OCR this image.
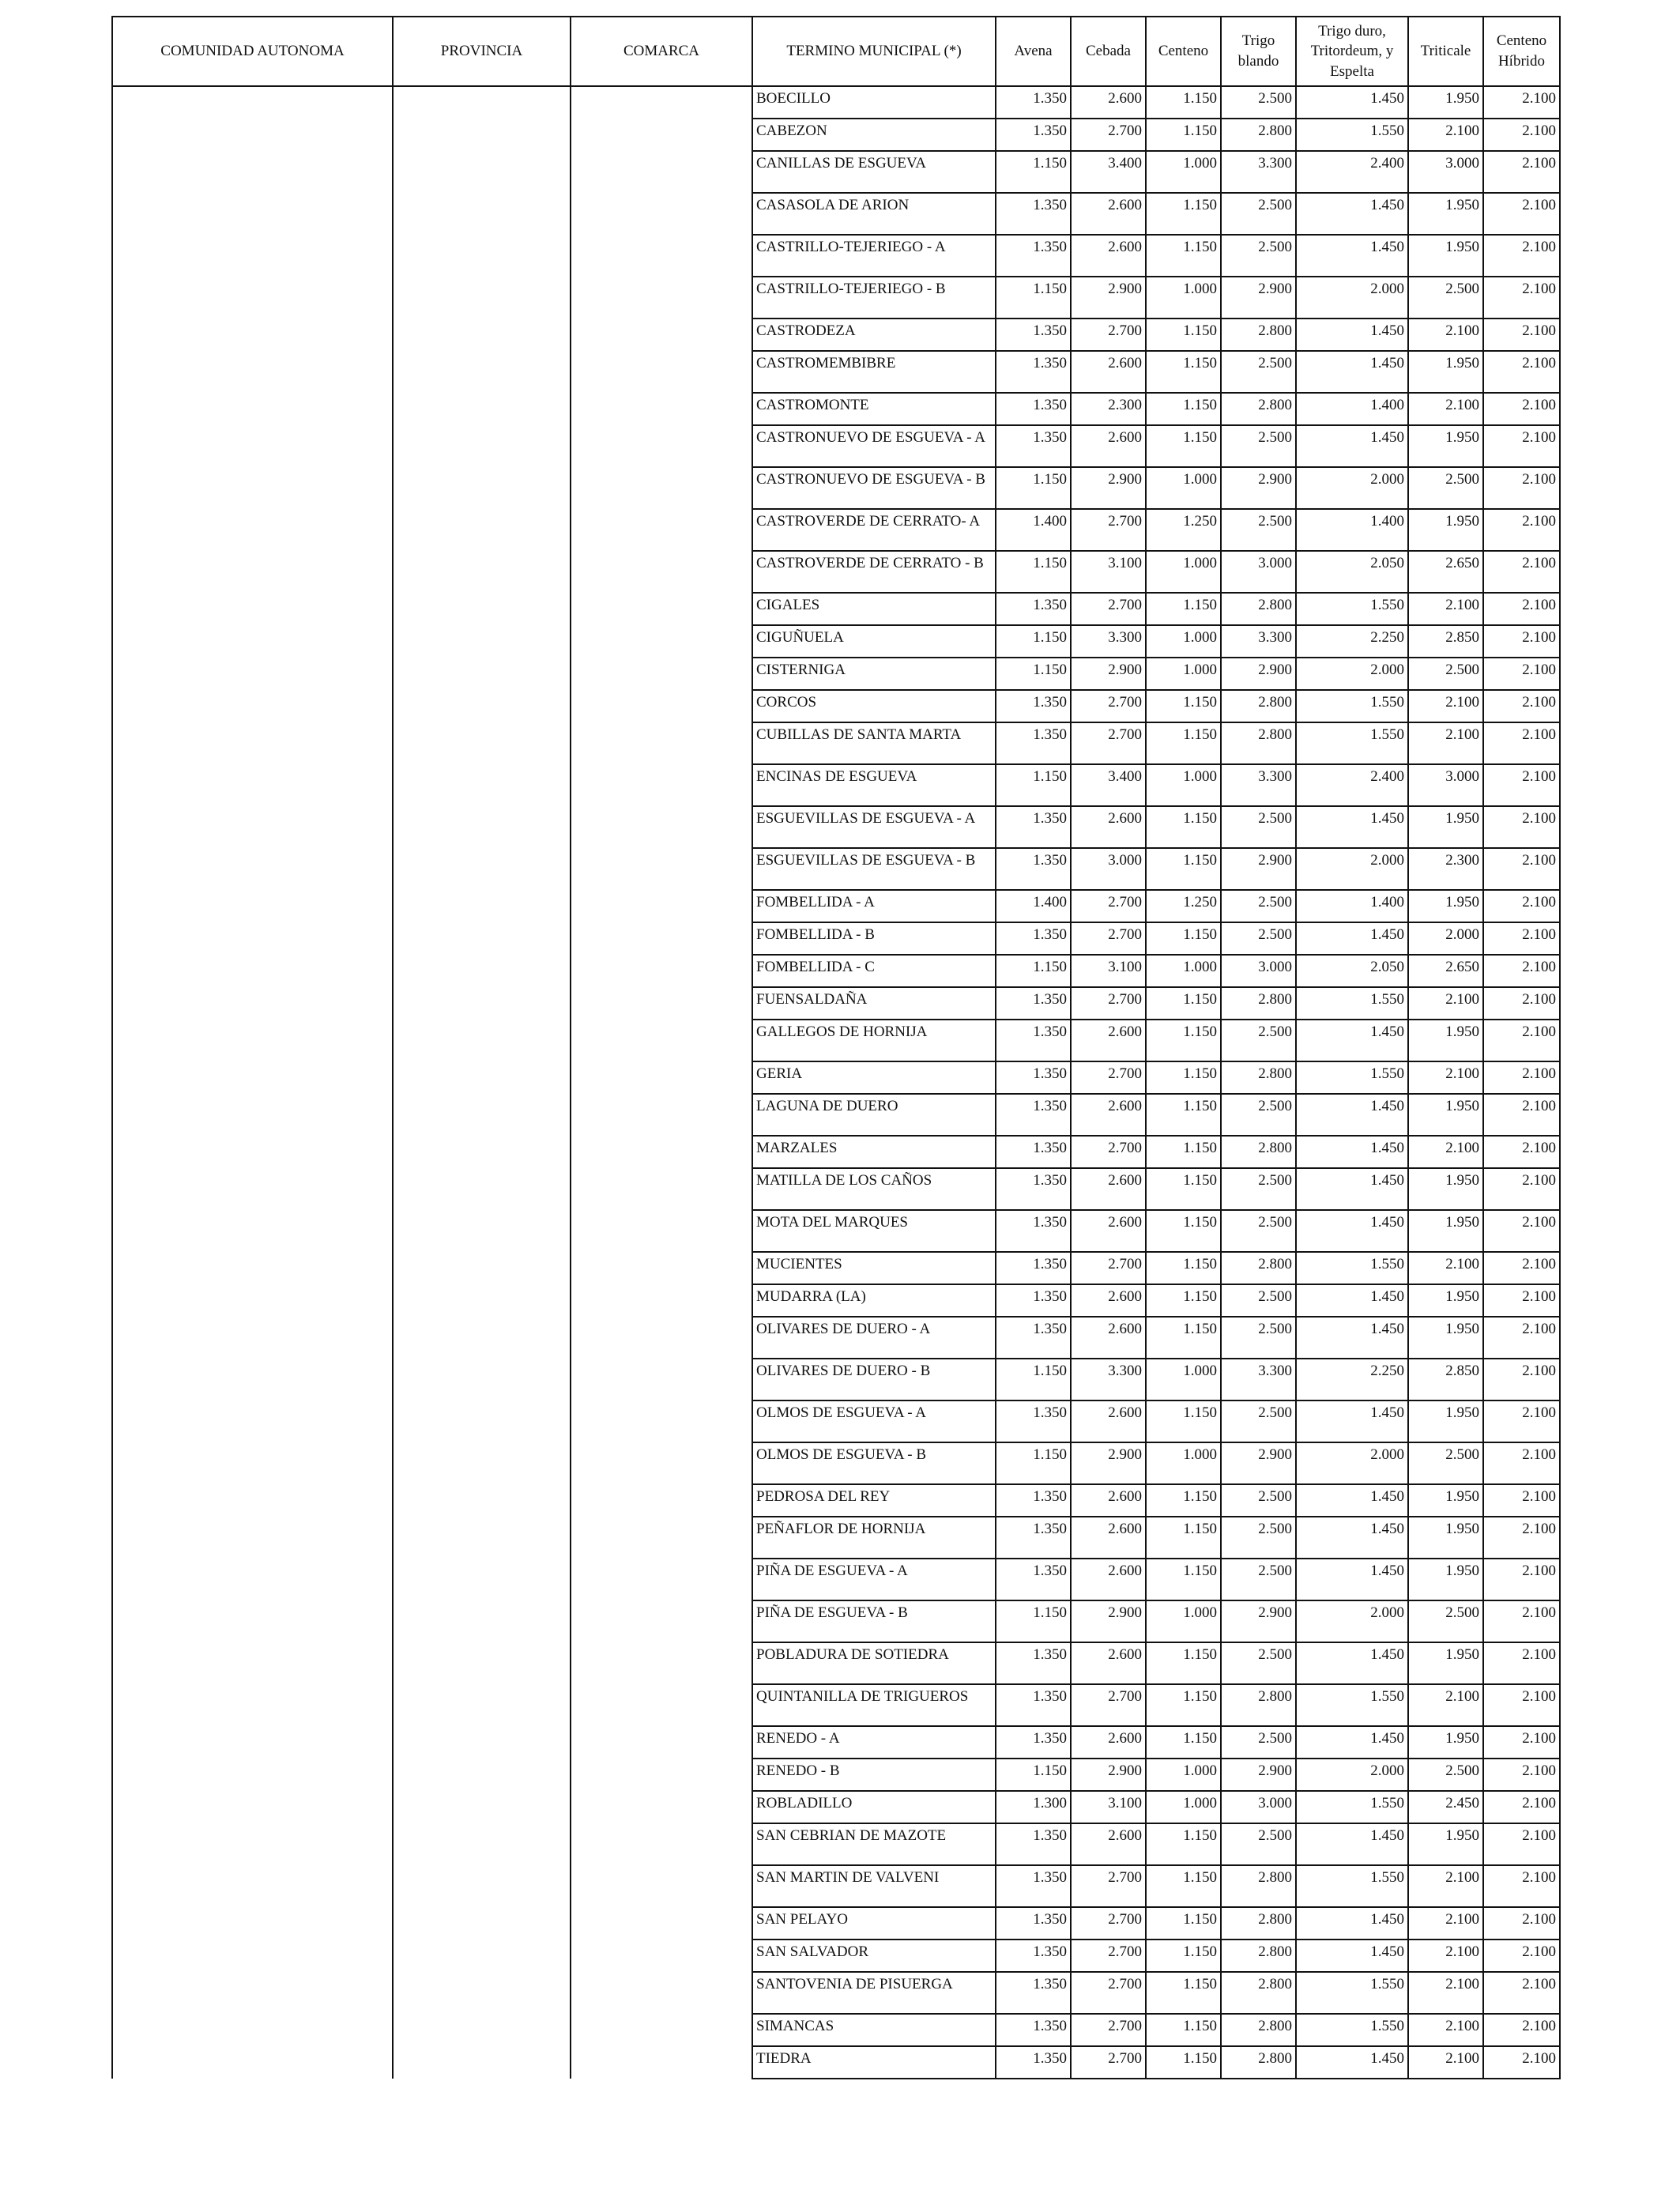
COMUNIDAD AUTONOMA	PROVINCIA	COMARCA	TERMINO MUNICIPAL (*)	Avena	Cebada	Centeno	Trigo blando	Trigo duro, Tritordeum, y Espelta	Triticale	Centeno Híbrido
			BOECILLO	1.350	2.600	1.150	2.500	1.450	1.950	2.100
			CABEZON	1.350	2.700	1.150	2.800	1.550	2.100	2.100
			CANILLAS DE ESGUEVA	1.150	3.400	1.000	3.300	2.400	3.000	2.100
			CASASOLA DE ARION	1.350	2.600	1.150	2.500	1.450	1.950	2.100
			CASTRILLO-TEJERIEGO - A	1.350	2.600	1.150	2.500	1.450	1.950	2.100
			CASTRILLO-TEJERIEGO - B	1.150	2.900	1.000	2.900	2.000	2.500	2.100
			CASTRODEZA	1.350	2.700	1.150	2.800	1.450	2.100	2.100
			CASTROMEMBIBRE	1.350	2.600	1.150	2.500	1.450	1.950	2.100
			CASTROMONTE	1.350	2.300	1.150	2.800	1.400	2.100	2.100
			CASTRONUEVO DE ESGUEVA - A	1.350	2.600	1.150	2.500	1.450	1.950	2.100
			CASTRONUEVO DE ESGUEVA - B	1.150	2.900	1.000	2.900	2.000	2.500	2.100
			CASTROVERDE DE CERRATO- A	1.400	2.700	1.250	2.500	1.400	1.950	2.100
			CASTROVERDE DE CERRATO - B	1.150	3.100	1.000	3.000	2.050	2.650	2.100
			CIGALES	1.350	2.700	1.150	2.800	1.550	2.100	2.100
			CIGUÑUELA	1.150	3.300	1.000	3.300	2.250	2.850	2.100
			CISTERNIGA	1.150	2.900	1.000	2.900	2.000	2.500	2.100
			CORCOS	1.350	2.700	1.150	2.800	1.550	2.100	2.100
			CUBILLAS DE SANTA MARTA	1.350	2.700	1.150	2.800	1.550	2.100	2.100
			ENCINAS DE ESGUEVA	1.150	3.400	1.000	3.300	2.400	3.000	2.100
			ESGUEVILLAS DE ESGUEVA - A	1.350	2.600	1.150	2.500	1.450	1.950	2.100
			ESGUEVILLAS DE ESGUEVA - B	1.350	3.000	1.150	2.900	2.000	2.300	2.100
			FOMBELLIDA - A	1.400	2.700	1.250	2.500	1.400	1.950	2.100
			FOMBELLIDA - B	1.350	2.700	1.150	2.500	1.450	2.000	2.100
			FOMBELLIDA - C	1.150	3.100	1.000	3.000	2.050	2.650	2.100
			FUENSALDAÑA	1.350	2.700	1.150	2.800	1.550	2.100	2.100
			GALLEGOS DE HORNIJA	1.350	2.600	1.150	2.500	1.450	1.950	2.100
			GERIA	1.350	2.700	1.150	2.800	1.550	2.100	2.100
			LAGUNA DE DUERO	1.350	2.600	1.150	2.500	1.450	1.950	2.100
			MARZALES	1.350	2.700	1.150	2.800	1.450	2.100	2.100
			MATILLA DE LOS CAÑOS	1.350	2.600	1.150	2.500	1.450	1.950	2.100
			MOTA DEL MARQUES	1.350	2.600	1.150	2.500	1.450	1.950	2.100
			MUCIENTES	1.350	2.700	1.150	2.800	1.550	2.100	2.100
			MUDARRA (LA)	1.350	2.600	1.150	2.500	1.450	1.950	2.100
			OLIVARES DE DUERO - A	1.350	2.600	1.150	2.500	1.450	1.950	2.100
			OLIVARES DE DUERO - B	1.150	3.300	1.000	3.300	2.250	2.850	2.100
			OLMOS DE ESGUEVA - A	1.350	2.600	1.150	2.500	1.450	1.950	2.100
			OLMOS DE ESGUEVA - B	1.150	2.900	1.000	2.900	2.000	2.500	2.100
			PEDROSA DEL REY	1.350	2.600	1.150	2.500	1.450	1.950	2.100
			PEÑAFLOR DE HORNIJA	1.350	2.600	1.150	2.500	1.450	1.950	2.100
			PIÑA DE ESGUEVA - A	1.350	2.600	1.150	2.500	1.450	1.950	2.100
			PIÑA DE ESGUEVA - B	1.150	2.900	1.000	2.900	2.000	2.500	2.100
			POBLADURA DE SOTIEDRA	1.350	2.600	1.150	2.500	1.450	1.950	2.100
			QUINTANILLA DE TRIGUEROS	1.350	2.700	1.150	2.800	1.550	2.100	2.100
			RENEDO - A	1.350	2.600	1.150	2.500	1.450	1.950	2.100
			RENEDO - B	1.150	2.900	1.000	2.900	2.000	2.500	2.100
			ROBLADILLO	1.300	3.100	1.000	3.000	1.550	2.450	2.100
			SAN CEBRIAN DE MAZOTE	1.350	2.600	1.150	2.500	1.450	1.950	2.100
			SAN MARTIN DE VALVENI	1.350	2.700	1.150	2.800	1.550	2.100	2.100
			SAN PELAYO	1.350	2.700	1.150	2.800	1.450	2.100	2.100
			SAN SALVADOR	1.350	2.700	1.150	2.800	1.450	2.100	2.100
			SANTOVENIA DE PISUERGA	1.350	2.700	1.150	2.800	1.550	2.100	2.100
			SIMANCAS	1.350	2.700	1.150	2.800	1.550	2.100	2.100
			TIEDRA	1.350	2.700	1.150	2.800	1.450	2.100	2.100
